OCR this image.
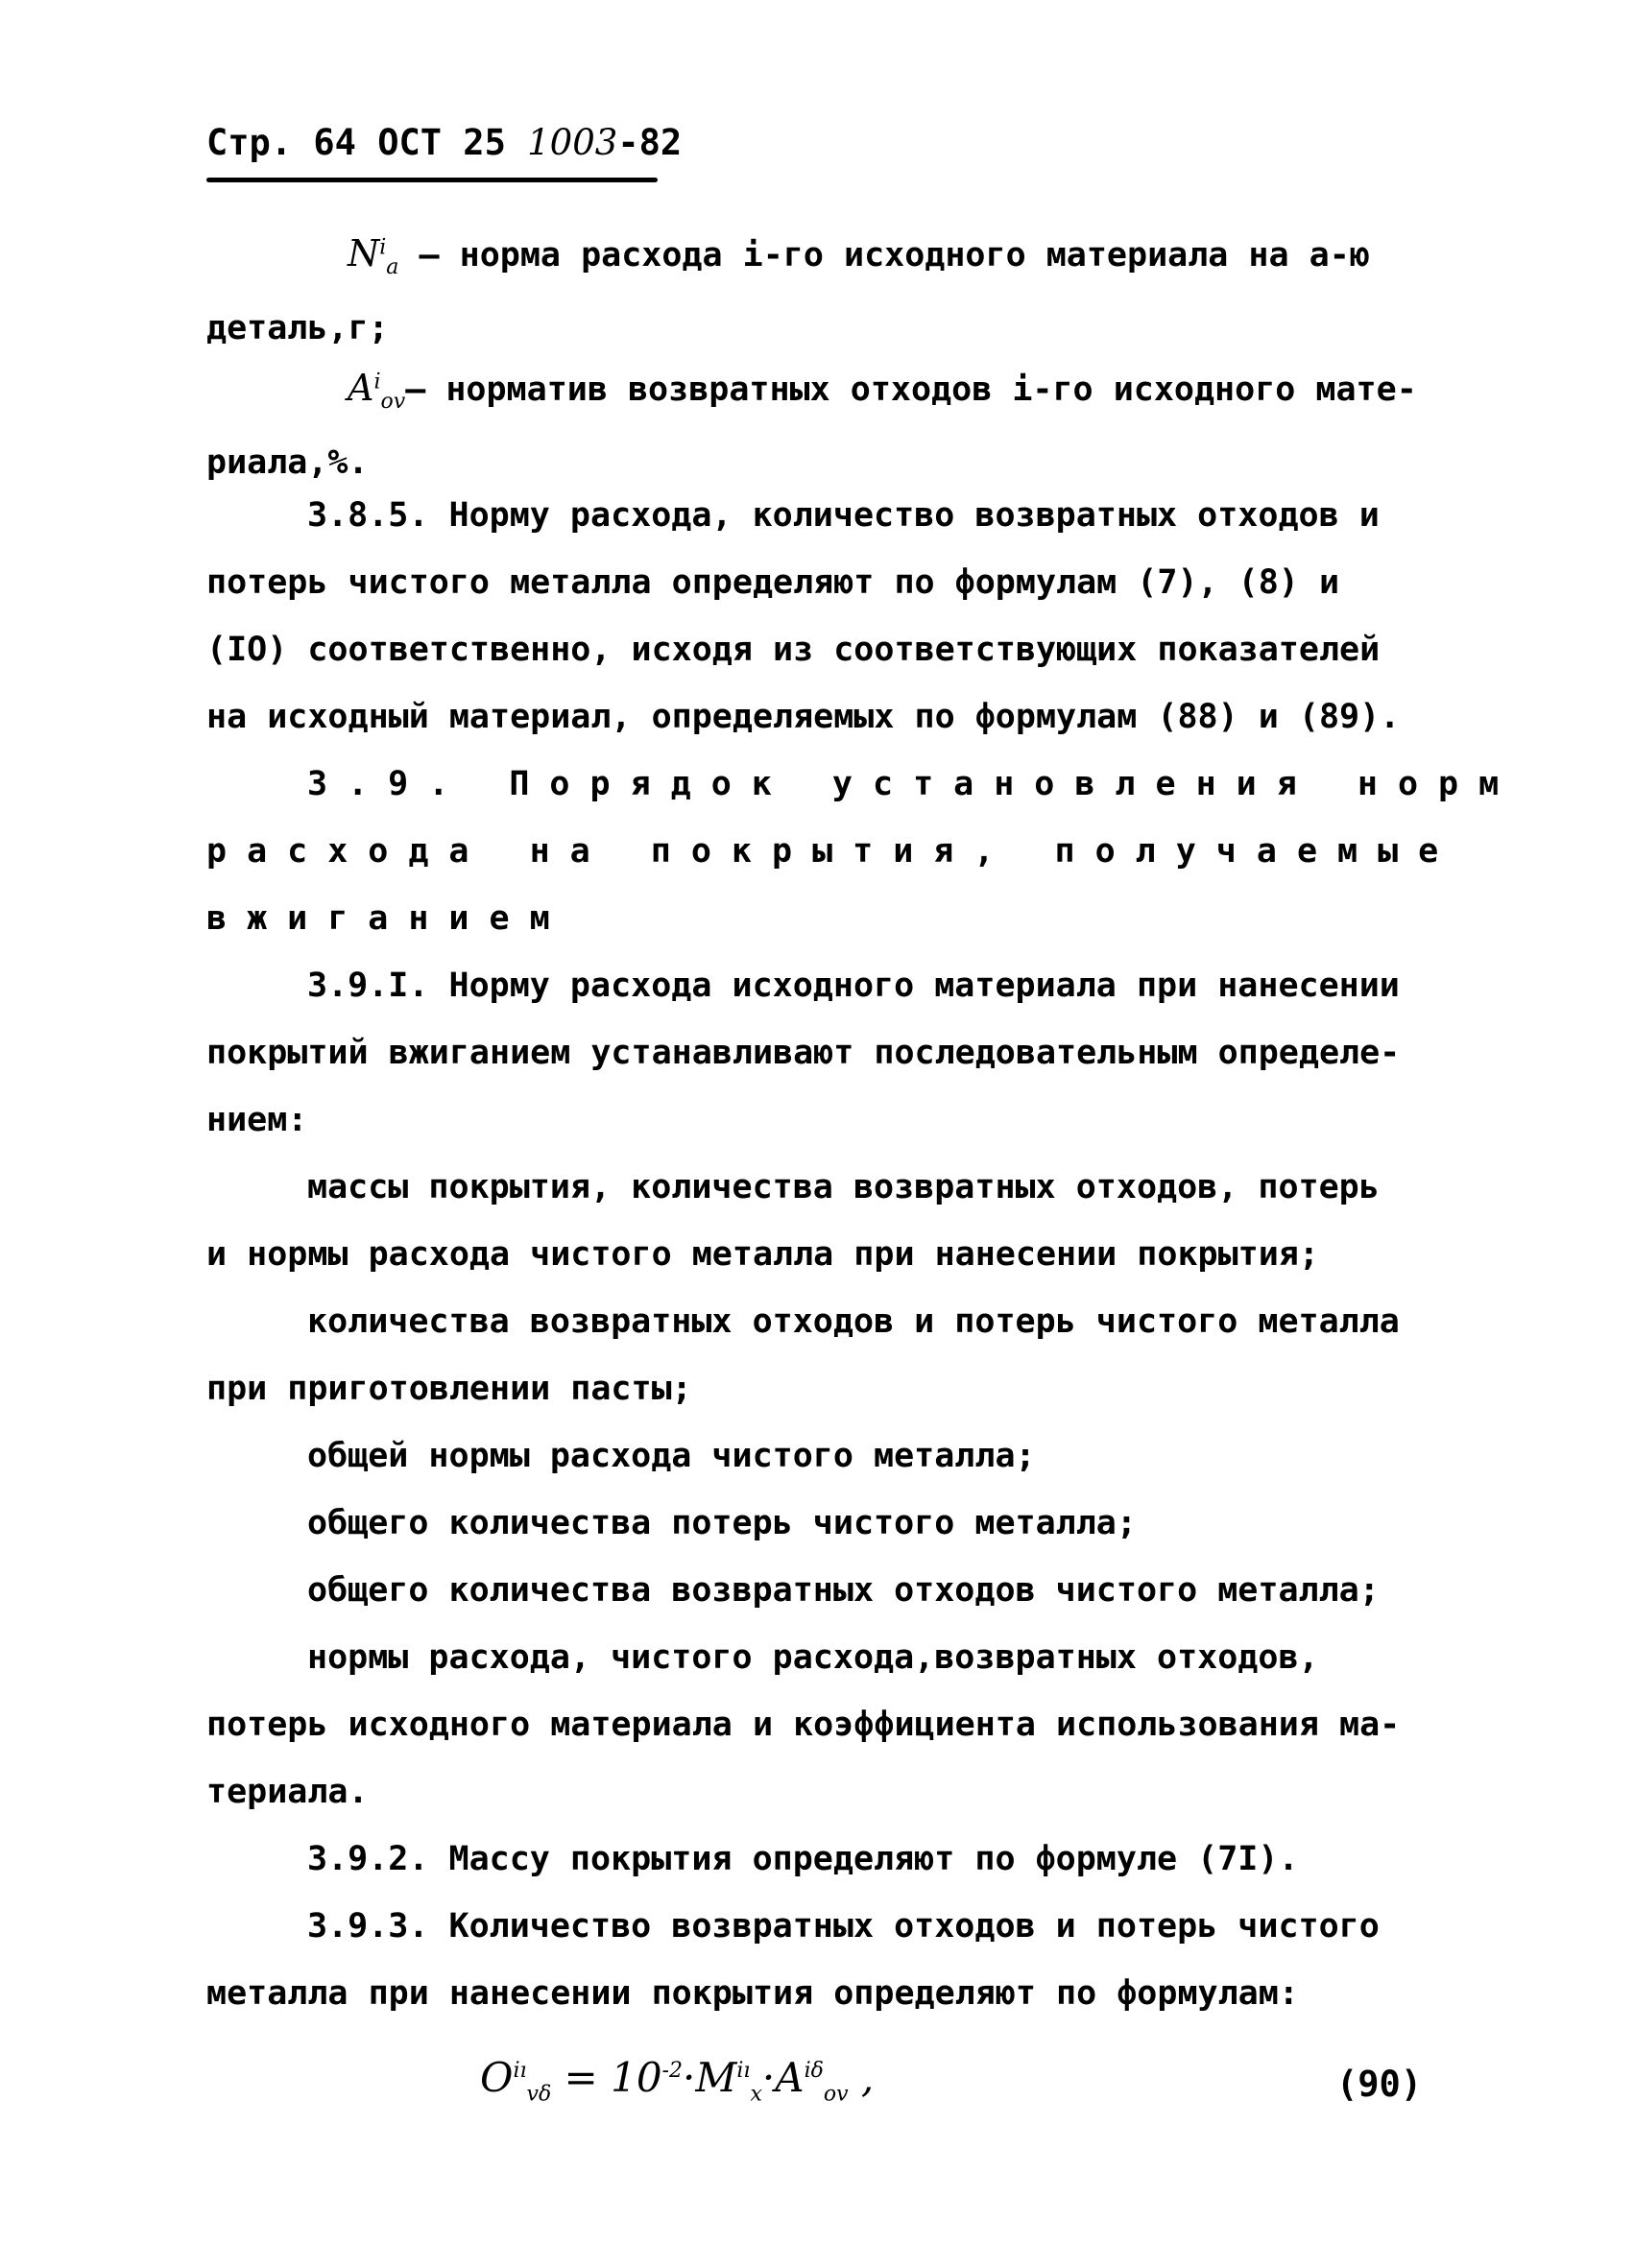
Стр. 64 ОСТ 25 1003-82
$N^i_a$ – норма расхода i-го исходного материала на a-ю
деталь,г;
$A^i_{ov}-$ норматив возвратных отходов i-го исходного мате-
риала,%.
3.8.5. Норму расхода, количество возвратных отходов и
потерь чистого металла определяют по формулам (7), (8) и
(IO) соответственно, исходя из соответствующих показателей
на исходный материал, определяемых по формулам (88) и (89).
3.9. Порядок установления норм
расхода на покрытия, получаемые
вжиганием
3.9.I. Норму расхода исходного материала при нанесении
покрытий вжиганием устанавливают последовательным определе-
нием:
массы покрытия, количества возвратных отходов, потерь
и нормы расхода чистого металла при нанесении покрытия;
количества возвратных отходов и потерь чистого металла
при приготовлении пасты;
общей нормы расхода чистого металла;
общего количества потерь чистого металла;
общего количества возвратных отходов чистого металла;
нормы расхода, чистого расхода,возвратных отходов,
потерь исходного материала и коэффициента использования ма-
териала.
3.9.2. Массу покрытия определяют по формуле (7I).
3.9.3. Количество возвратных отходов и потерь чистого
металла при нанесении покрытия определяют по формулам:
$O^{iı}_{v\delta} = 10^{-2}\cdot M^{iı}_x\cdot A^{i\delta}_{ov}$ ,	(90)
